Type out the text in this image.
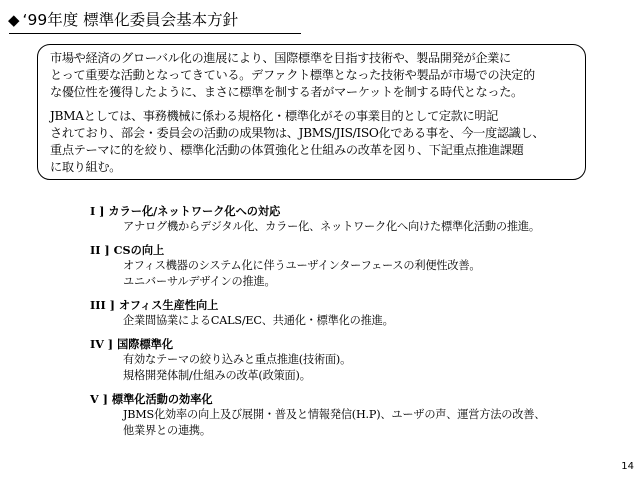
◆ ‘99年度 標準化委員会基本方針

市場や経済のグローバル化の進展により、国際標準を目指す技術や、製品開発が企業に
とって重要な活動となってきている。デファクト標準となった技術や製品が市場での決定的
な優位性を獲得したように、まさに標準を制する者がマーケットを制する時代となった。

JBMAとしては、事務機械に係わる規格化・標準化がその事業目的として定款に明記
されており、部会・委員会の活動の成果物は、JBMS/JIS/ISO化である事を、今一度認識し、
重点テーマに的を絞り、標準化活動の体質強化と仕組みの改革を図り、下記重点推進課題
に取り組む。

I ] カラー化/ネットワーク化への対応
アナログ機からデジタル化、カラー化、ネットワーク化へ向けた標準化活動の推進。
II ] CSの向上
オフィス機器のシステム化に伴うユーザインターフェースの利便性改善。
ユニバーサルデザインの推進。
III ] オフィス生産性向上
企業間協業によるCALS/EC、共通化・標準化の推進。
IV ] 国際標準化
有効なテーマの絞り込みと重点推進(技術面)。
規格開発体制/仕組みの改革(政策面)。
V ] 標準化活動の効率化
JBMS化効率の向上及び展開・普及と情報発信(H.P)、ユーザの声、運営方法の改善、
他業界との連携。
14
